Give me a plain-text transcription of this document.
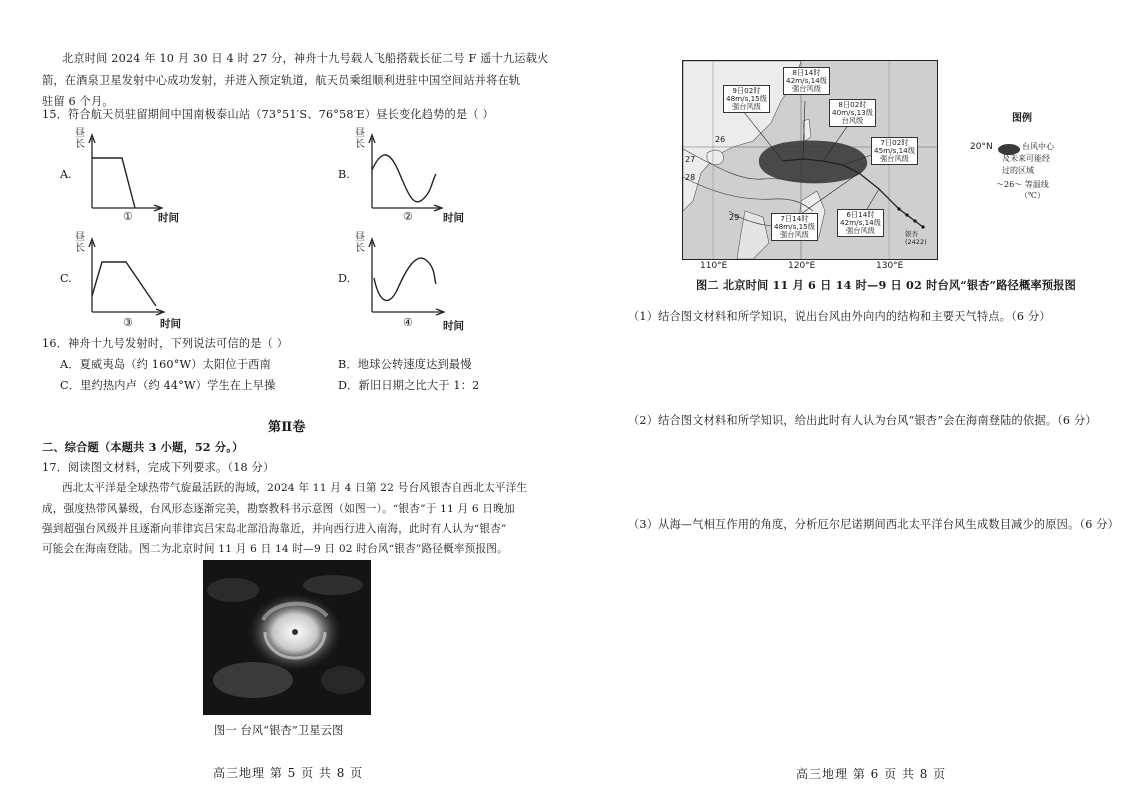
北京时间 2024 年 10 月 30 日 4 时 27 分，神舟十九号载人飞船搭载长征二号 F 遥十九运载火
箭，在酒泉卫星发射中心成功发射，并进入预定轨道，航天员乘组顺利进驻中国空间站并将在轨
驻留 6 个月。
15．符合航天员驻留期间中国南极泰山站（73°51′S、76°58′E）昼长变化趋势的是（ ）
A.
昼长
① 时间
B.
昼长
②	时间
C.
昼长
③	时间
D.
昼长
④	时间
16．神舟十九号发射时，下列说法可信的是（ ）
A．夏威夷岛（约 160°W）太阳位于西南	B．地球公转速度达到最慢
C．里约热内卢（约 44°W）学生在上早操	D．新旧日期之比大于 1：2
第Ⅱ卷
二、综合题（本题共 3 小题，52 分。）
17．阅读图文材料，完成下列要求。（18 分）
西北太平洋是全球热带气旋最活跃的海域，2024 年 11 月 4 日第 22 号台风银杏自西北太平洋生
成，强度热带风暴级，台风形态逐渐完美，勘察教科书示意图（如图一）。“银杏”于 11 月 6 日晚加
强到超强台风级并且逐渐向菲律宾吕宋岛北部沿海靠近，并向西行进入南海，此时有人认为“银杏”
可能会在海南登陆。图二为北京时间 11 月 6 日 14 时—9 日 02 时台风“银杏”路径概率预报图。
图一 台风“银杏”卫星云图
高三地理 第 5 页 共 8 页
9日02时
48m/s,15级
强台风级
8日14时
42m/s,14级
强台风级
8日02时
40m/s,13级
台风级
7日02时
45m/s,14级
强台风级
7日14时
48m/s,15级
强台风级
6日14时
42m/s,14级
强台风级
26
27
28
29
银杏(2422)
110°E	120°E	130°E
20°N
图例
台风中心
及未来可能经
过的区域
～26～ 等温线
（℃）
图二 北京时间 11 月 6 日 14 时—9 日 02 时台风“银杏”路径概率预报图
（1）结合图文材料和所学知识，说出台风由外向内的结构和主要天气特点。（6 分）
（2）结合图文材料和所学知识，给出此时有人认为台风“银杏”会在海南登陆的依据。（6 分）
（3）从海—气相互作用的角度，分析厄尔尼诺期间西北太平洋台风生成数目减少的原因。（6 分）
高三地理 第 6 页 共 8 页
